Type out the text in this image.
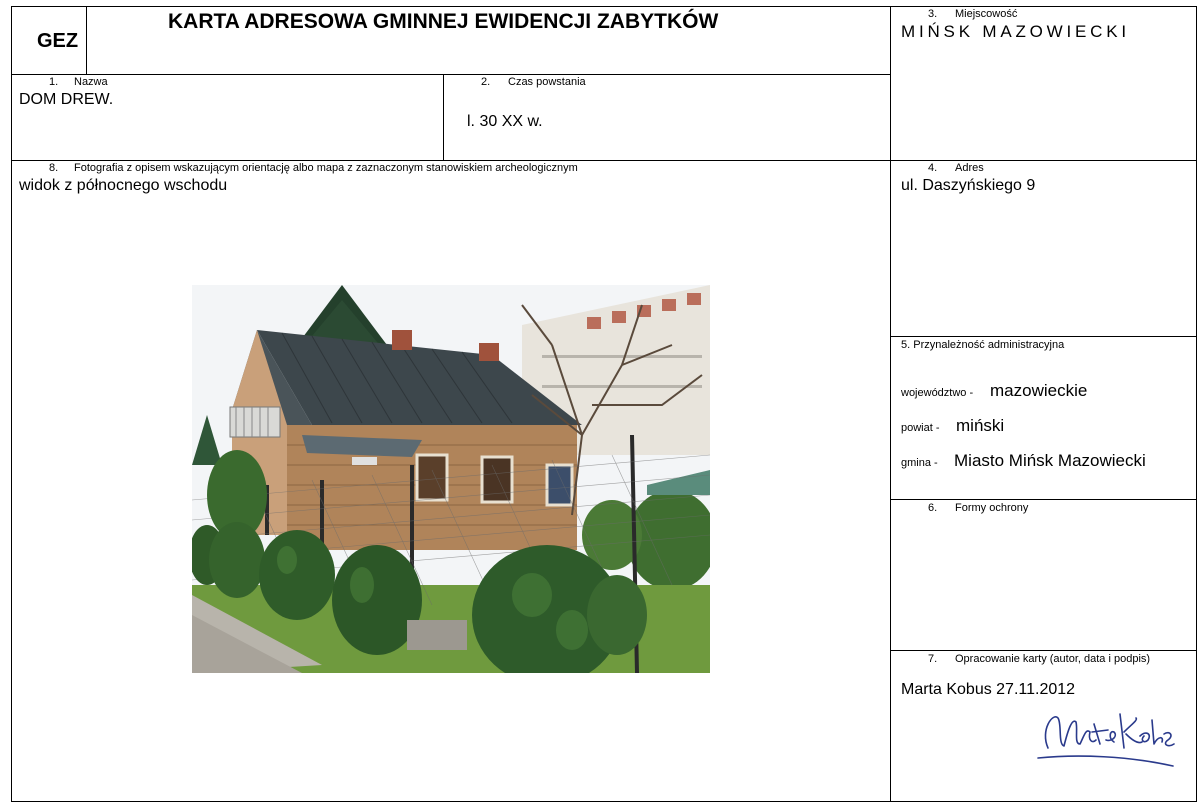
GEZ
KARTA ADRESOWA GMINNEJ EWIDENCJI ZABYTKÓW	3. Miejscowość
MIŃSK MAZOWIECKI
1. Nazwa
DOM DREW.
2. Czas powstania
l. 30 XX w.
8. Fotografia z opisem wskazującym orientację albo mapa z zaznaczonym stanowiskiem archeologicznym
widok z północnego wschodu
4. Adres
ul. Daszyńskiego 9
5. Przynależność administracyjna
województwo - mazowieckie
powiat - miński
gmina - Miasto Mińsk Mazowiecki
6. Formy ochrony
7. Opracowanie karty (autor, data i podpis)
Marta Kobus 27.11.2012
